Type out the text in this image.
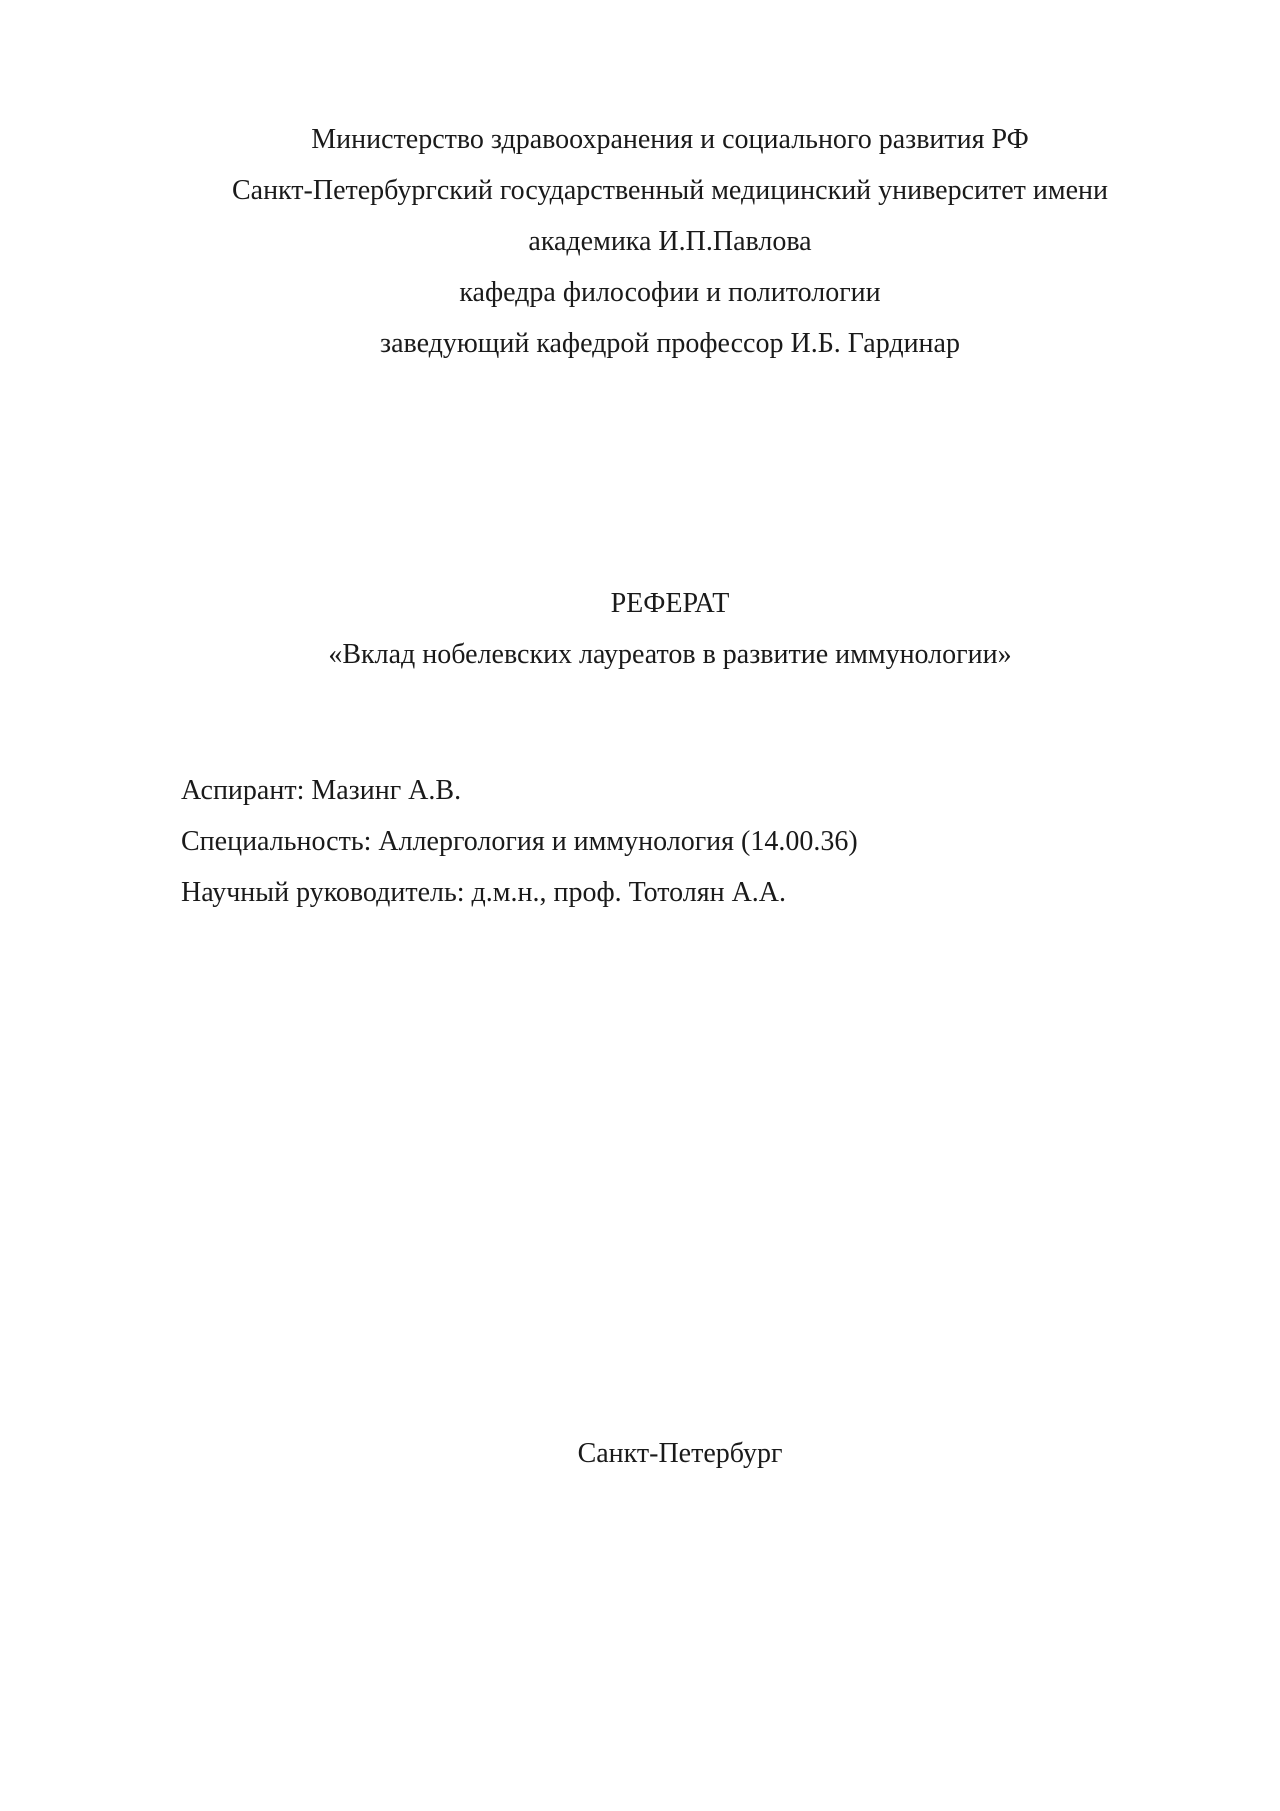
Министерство здравоохранения и социального развития РФ
Санкт-Петербургский государственный медицинский университет имени
академика И.П.Павлова
кафедра философии и политологии
заведующий кафедрой профессор И.Б. Гардинар
РЕФЕРАТ
«Вклад нобелевских лауреатов в развитие иммунологии»
Аспирант: Мазинг А.В.
Специальность: Аллергология и иммунология (14.00.36)
Научный руководитель: д.м.н., проф. Тотолян А.А.
Санкт-Петербург
